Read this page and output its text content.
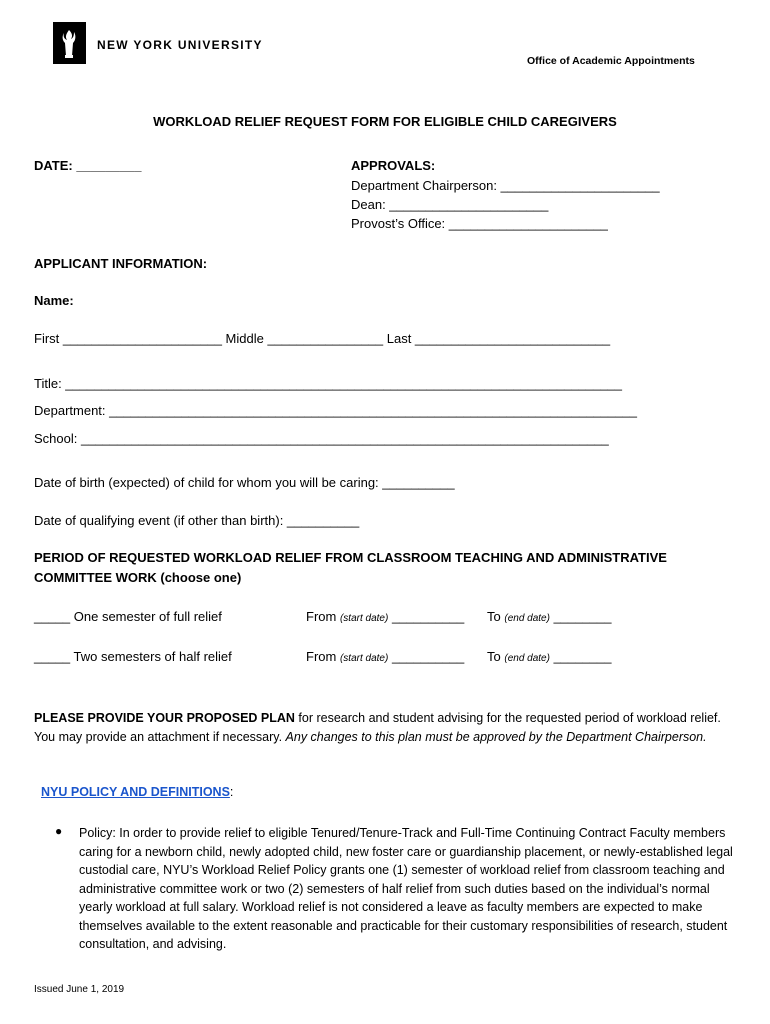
NEW YORK UNIVERSITY
Office of Academic Appointments
WORKLOAD RELIEF REQUEST FORM FOR ELIGIBLE CHILD CAREGIVERS
DATE: _________	APPROVALS:
Department Chairperson: ______________________
Dean: ______________________
Provost’s Office: ______________________
APPLICANT INFORMATION:
Name:
First ______________________ Middle ________________ Last ___________________________
Title: _____________________________________________________________________________
Department: _________________________________________________________________________
School: _________________________________________________________________________
Date of birth (expected) of child for whom you will be caring: __________
Date of qualifying event (if other than birth): __________
PERIOD OF REQUESTED WORKLOAD RELIEF FROM CLASSROOM TEACHING AND ADMINISTRATIVE
COMMITTEE WORK (choose one)
_____ One semester of full relief	From (start date) __________ To (end date) ________
_____ Two semesters of half relief	From (start date) __________ To (end date) ________
PLEASE PROVIDE YOUR PROPOSED PLAN for research and student advising for the requested period of workload relief. You may provide an attachment if necessary. Any changes to this plan must be approved by the Department Chairperson.
NYU POLICY AND DEFINITIONS:
● Policy: In order to provide relief to eligible Tenured/Tenure-Track and Full-Time Continuing Contract Faculty members caring for a newborn child, newly adopted child, new foster care or guardianship placement, or newly-established legal custodial care, NYU’s Workload Relief Policy grants one (1) semester of workload relief from classroom teaching and administrative committee work or two (2) semesters of half relief from such duties based on the individual’s normal yearly workload at full salary. Workload relief is not considered a leave as faculty members are expected to make themselves available to the extent reasonable and practicable for their customary responsibilities of research, student consultation, and advising.
Issued June 1, 2019
